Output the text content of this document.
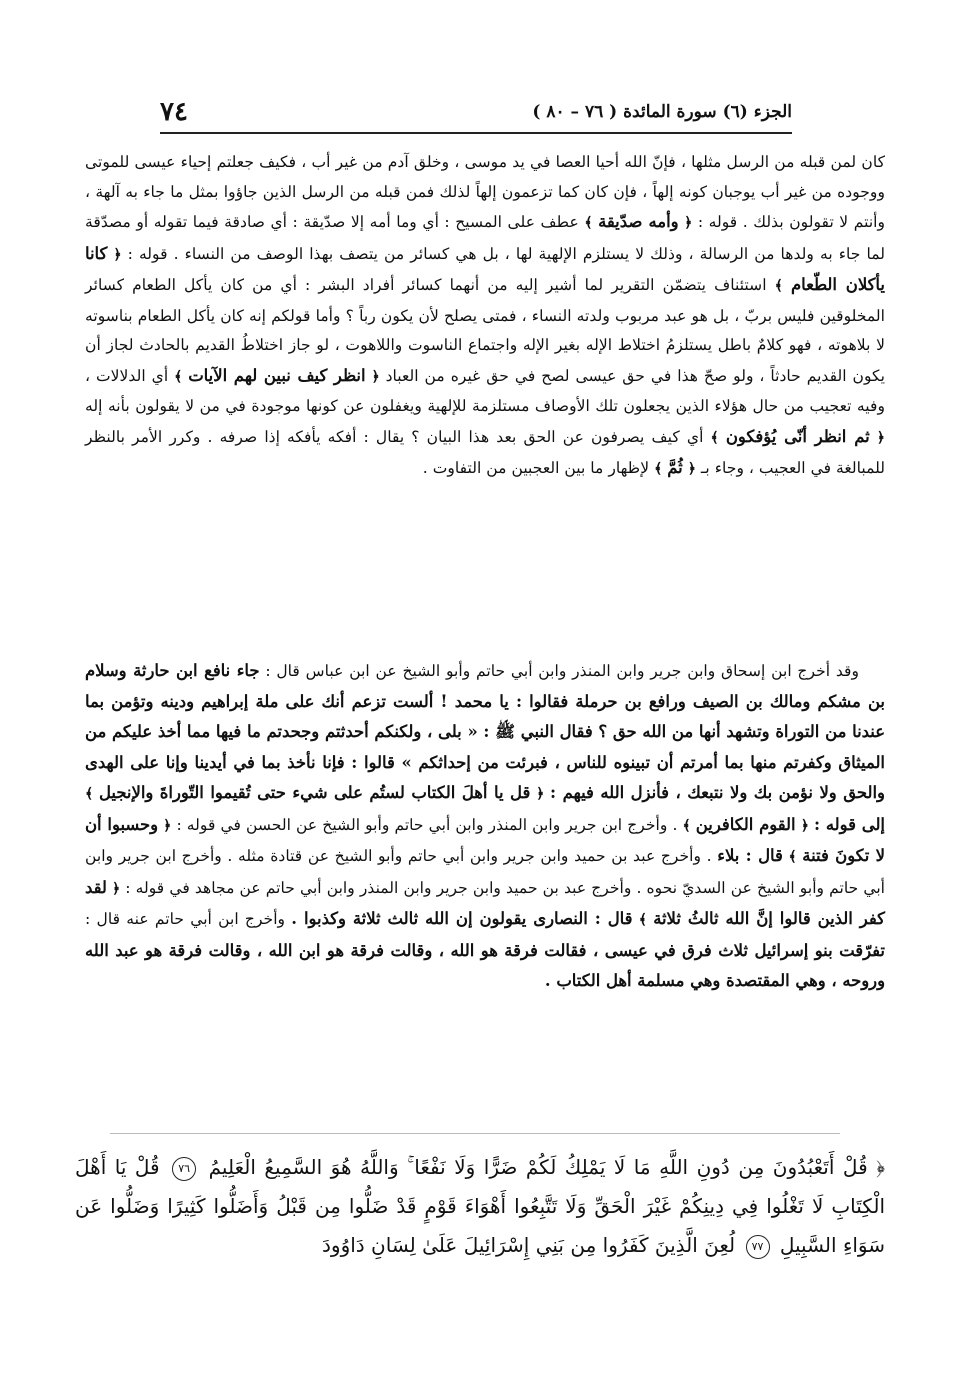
٧٤	الجزء (٦) سورة المائدة ( ٧٦ – ٨٠ )

كان لمن قبله من الرسل مثلها ، فإنّ الله أحيا العصا في يد موسى ، وخلق آدم من غير أب ، فكيف جعلتم إحياء عيسى للموتى ووجوده من غير أب يوجبان كونه إلهاً ، فإن كان كما تزعمون إلهاً لذلك فمن قبله من الرسل الذين جاؤوا بمثل ما جاء به آلهة ، وأنتم لا تقولون بذلك . قوله : ﴿ وأمه صدّيقة ﴾ عطف على المسيح : أي وما أمه إلا صدّيقة : أي صادقة فيما تقوله أو مصدّقة لما جاء به ولدها من الرسالة ، وذلك لا يستلزم الإلهية لها ، بل هي كسائر من يتصف بهذا الوصف من النساء . قوله : ﴿ كانا يأكلان الطّعام ﴾ استئناف يتضمّن التقرير لما أشير إليه من أنهما كسائر أفراد البشر : أي من كان يأكل الطعام كسائر المخلوقين فليس بربّ ، بل هو عبد مربوب ولدته النساء ، فمتى يصلح لأن يكون رباً ؟ وأما قولكم إنه كان يأكل الطعام بناسوته لا بلاهوته ، فهو كلامٌ باطل يستلزمُ اختلاط الإله بغير الإله واجتماع الناسوت واللاهوت ، لو جاز اختلاطُ القديم بالحادث لجاز أن يكون القديم حادثاً ، ولو صحّ هذا في حق عيسى لصح في حق غيره من العباد ﴿ انظر كيف نبين لهم الآيات ﴾ أي الدلالات ، وفيه تعجيب من حال هؤلاء الذين يجعلون تلك الأوصاف مستلزمة للإلهية ويغفلون عن كونها موجودة في من لا يقولون بأنه إله ﴿ ثم انظر أنّى يُؤفكون ﴾ أي كيف يصرفون عن الحق بعد هذا البيان ؟ يقال : أفكه يأفكه إذا صرفه . وكرر الأمر بالنظر للمبالغة في العجيب ، وجاء بـ ﴿ ثُمَّ ﴾ لإظهار ما بين العجبين من التفاوت .

وقد أخرج ابن إسحاق وابن جرير وابن المنذر وابن أبي حاتم وأبو الشيخ عن ابن عباس قال : جاء نافع ابن حارثة وسلام بن مشكم ومالك بن الصيف ورافع بن حرملة فقالوا : يا محمد ! ألست تزعم أنك على ملة إبراهيم ودينه وتؤمن بما عندنا من التوراة وتشهد أنها من الله حق ؟ فقال النبي ﷺ : « بلى ، ولكنكم أحدثتم وجحدتم ما فيها مما أخذ عليكم من الميثاق وكفرتم منها بما أمرتم أن تبينوه للناس ، فبرئت من إحداثكم » قالوا : فإنا نأخذ بما في أيدينا وإنا على الهدى والحق ولا نؤمن بك ولا نتبعك ، فأنزل الله فيهم : ﴿ قل يا أهلَ الكتاب لستُم على شيء حتى تُقيموا التّوراةَ والإنجيل ﴾ إلى قوله : ﴿ القوم الكافرين ﴾ . وأخرج ابن جرير وابن المنذر وابن أبي حاتم وأبو الشيخ عن الحسن في قوله : ﴿ وحسبوا أن لا تكونَ فتنة ﴾ قال : بلاء . وأخرج عبد بن حميد وابن جرير وابن أبي حاتم وأبو الشيخ عن قتادة مثله . وأخرج ابن جرير وابن أبي حاتم وأبو الشيخ عن السديّ نحوه . وأخرج عبد بن حميد وابن جرير وابن المنذر وابن أبي حاتم عن مجاهد في قوله : ﴿ لقد كفر الذين قالوا إنَّ الله ثالثُ ثلاثة ﴾ قال : النصارى يقولون إن الله ثالث ثلاثة وكذبوا . وأخرج ابن أبي حاتم عنه قال : تفرّقت بنو إسرائيل ثلاث فرق في عيسى ، فقالت فرقة هو الله ، وقالت فرقة هو ابن الله ، وقالت فرقة هو عبد الله وروحه ، وهي المقتصدة وهي مسلمة أهل الكتاب .

﴿ قُلْ أَتَعْبُدُونَ مِن دُونِ اللَّهِ مَا لَا يَمْلِكُ لَكُمْ ضَرًّا وَلَا نَفْعًا ۚ وَاللَّهُ هُوَ السَّمِيعُ الْعَلِيمُ ٧٦ قُلْ يَا أَهْلَ الْكِتَابِ لَا تَغْلُوا فِي دِينِكُمْ غَيْرَ الْحَقِّ وَلَا تَتَّبِعُوا أَهْوَاءَ قَوْمٍ قَدْ ضَلُّوا مِن قَبْلُ وَأَضَلُّوا كَثِيرًا وَضَلُّوا عَن سَوَاءِ السَّبِيلِ ٧٧ لُعِنَ الَّذِينَ كَفَرُوا مِن بَنِي إِسْرَائِيلَ عَلَىٰ لِسَانِ دَاوُودَ
